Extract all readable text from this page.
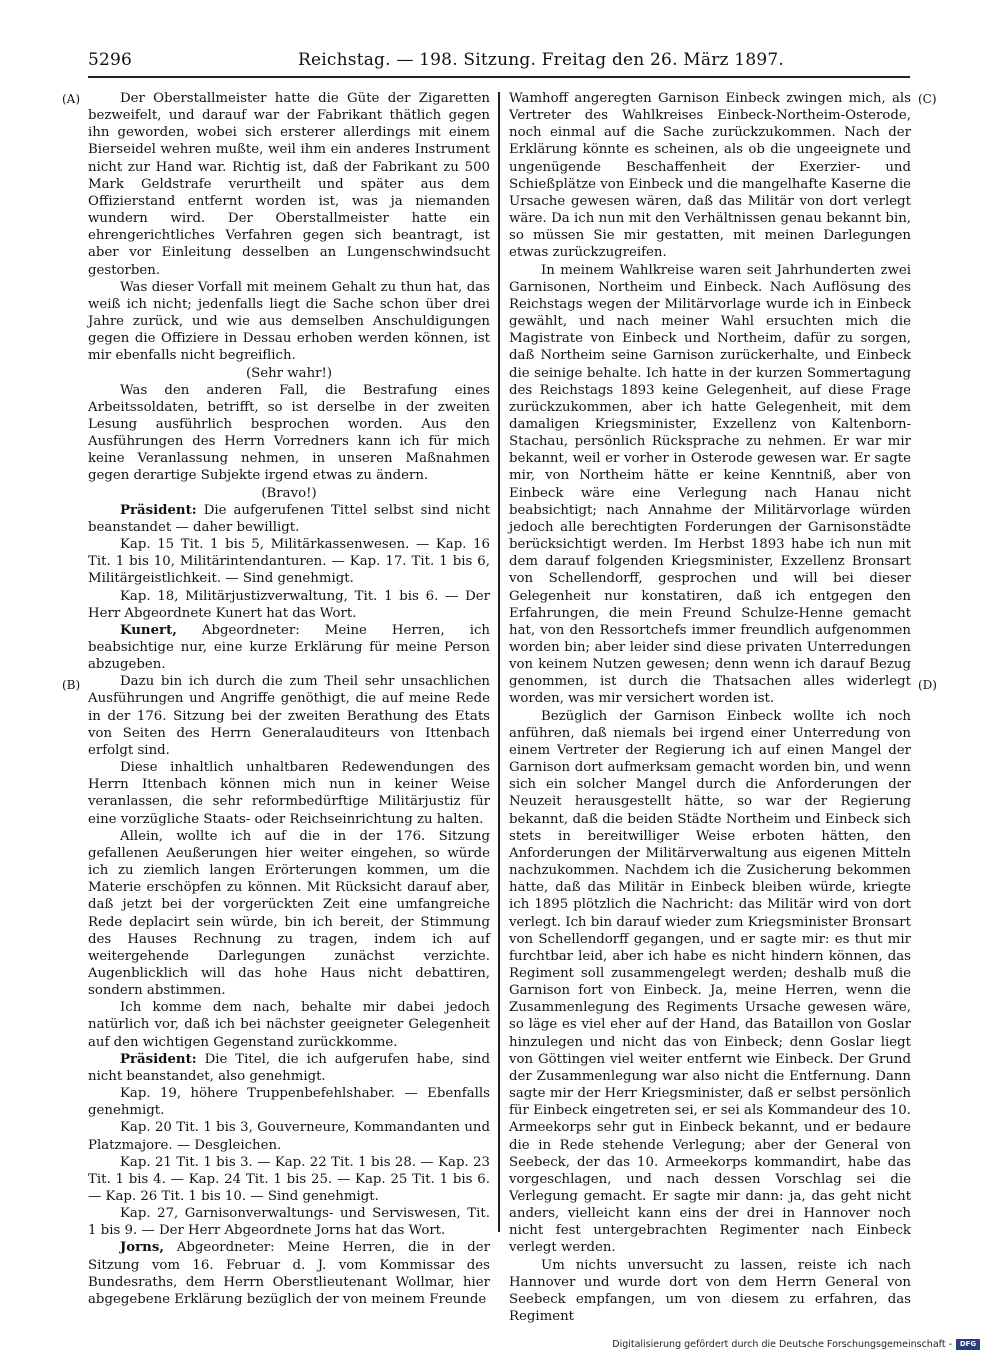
5296	Reichstag. — 198. Sitzung. Freitag den 26. März 1897.
(A)
(B)
(C)
(D)

Der Oberstallmeister hatte die Güte der Zigaretten bezweifelt, und darauf war der Fabrikant thätlich gegen ihn geworden, wobei sich ersterer allerdings mit einem Bierseidel wehren mußte, weil ihm ein anderes Instrument nicht zur Hand war. Richtig ist, daß der Fabrikant zu 500 Mark Geldstrafe verurtheilt und später aus dem Offizierstand entfernt worden ist, was ja niemanden wundern wird. Der Oberstallmeister hatte ein ehrengerichtliches Verfahren gegen sich beantragt, ist aber vor Einleitung desselben an Lungenschwindsucht gestorben.

Was dieser Vorfall mit meinem Gehalt zu thun hat, das weiß ich nicht; jedenfalls liegt die Sache schon über drei Jahre zurück, und wie aus demselben Anschuldigungen gegen die Offiziere in Dessau erhoben werden können, ist mir ebenfalls nicht begreiflich.

(Sehr wahr!)

Was den anderen Fall, die Bestrafung eines Arbeitssoldaten, betrifft, so ist derselbe in der zweiten Lesung ausführlich besprochen worden. Aus den Ausführungen des Herrn Vorredners kann ich für mich keine Veranlassung nehmen, in unseren Maßnahmen gegen derartige Subjekte irgend etwas zu ändern.

(Bravo!)

Präsident: Die aufgerufenen Tittel selbst sind nicht beanstandet — daher bewilligt.

Kap. 15 Tit. 1 bis 5, Militärkassenwesen. — Kap. 16 Tit. 1 bis 10, Militärintendanturen. — Kap. 17. Tit. 1 bis 6, Militärgeistlichkeit. — Sind genehmigt.

Kap. 18, Militärjustizverwaltung, Tit. 1 bis 6. — Der Herr Abgeordnete Kunert hat das Wort.

Kunert, Abgeordneter: Meine Herren, ich beabsichtige nur, eine kurze Erklärung für meine Person abzugeben.

Dazu bin ich durch die zum Theil sehr unsachlichen Ausführungen und Angriffe genöthigt, die auf meine Rede in der 176. Sitzung bei der zweiten Berathung des Etats von Seiten des Herrn Generalauditeurs von Ittenbach erfolgt sind.

Diese inhaltlich unhaltbaren Redewendungen des Herrn Ittenbach können mich nun in keiner Weise veranlassen, die sehr reformbedürftige Militärjustiz für eine vorzügliche Staats- oder Reichseinrichtung zu halten.

Allein, wollte ich auf die in der 176. Sitzung gefallenen Aeußerungen hier weiter eingehen, so würde ich zu ziemlich langen Erörterungen kommen, um die Materie erschöpfen zu können. Mit Rücksicht darauf aber, daß jetzt bei der vorgerückten Zeit eine umfangreiche Rede deplacirt sein würde, bin ich bereit, der Stimmung des Hauses Rechnung zu tragen, indem ich auf weitergehende Darlegungen zunächst verzichte. Augenblicklich will das hohe Haus nicht debattiren, sondern abstimmen.

Ich komme dem nach, behalte mir dabei jedoch natürlich vor, daß ich bei nächster geeigneter Gelegenheit auf den wichtigen Gegenstand zurückkomme.

Präsident: Die Titel, die ich aufgerufen habe, sind nicht beanstandet, also genehmigt.

Kap. 19, höhere Truppenbefehlshaber. — Ebenfalls genehmigt.

Kap. 20 Tit. 1 bis 3, Gouverneure, Kommandanten und Platzmajore. — Desgleichen.

Kap. 21 Tit. 1 bis 3. — Kap. 22 Tit. 1 bis 28. — Kap. 23 Tit. 1 bis 4. — Kap. 24 Tit. 1 bis 25. — Kap. 25 Tit. 1 bis 6. — Kap. 26 Tit. 1 bis 10. — Sind genehmigt.

Kap. 27, Garnisonverwaltungs- und Serviswesen, Tit. 1 bis 9. — Der Herr Abgeordnete Jorns hat das Wort.

Jorns, Abgeordneter: Meine Herren, die in der Sitzung vom 16. Februar d. J. vom Kommissar des Bundesraths, dem Herrn Oberstlieutenant Wollmar, hier abgegebene Erklärung bezüglich der von meinem Freunde

Wamhoff angeregten Garnison Einbeck zwingen mich, als Vertreter des Wahlkreises Einbeck-Northeim-Osterode, noch einmal auf die Sache zurückzukommen. Nach der Erklärung könnte es scheinen, als ob die ungeeignete und ungenügende Beschaffenheit der Exerzier- und Schießplätze von Einbeck und die mangelhafte Kaserne die Ursache gewesen wären, daß das Militär von dort verlegt wäre. Da ich nun mit den Verhältnissen genau bekannt bin, so müssen Sie mir gestatten, mit meinen Darlegungen etwas zurückzugreifen.

In meinem Wahlkreise waren seit Jahrhunderten zwei Garnisonen, Northeim und Einbeck. Nach Auflösung des Reichstags wegen der Militärvorlage wurde ich in Einbeck gewählt, und nach meiner Wahl ersuchten mich die Magistrate von Einbeck und Northeim, dafür zu sorgen, daß Northeim seine Garnison zurückerhalte, und Einbeck die seinige behalte. Ich hatte in der kurzen Sommertagung des Reichstags 1893 keine Gelegenheit, auf diese Frage zurückzukommen, aber ich hatte Gelegenheit, mit dem damaligen Kriegsminister, Exzellenz von Kaltenborn-Stachau, persönlich Rücksprache zu nehmen. Er war mir bekannt, weil er vorher in Osterode gewesen war. Er sagte mir, von Northeim hätte er keine Kenntniß, aber von Einbeck wäre eine Verlegung nach Hanau nicht beabsichtigt; nach Annahme der Militärvorlage würden jedoch alle berechtigten Forderungen der Garnisonstädte berücksichtigt werden. Im Herbst 1893 habe ich nun mit dem darauf folgenden Kriegsminister, Exzellenz Bronsart von Schellendorff, gesprochen und will bei dieser Gelegenheit nur konstatiren, daß ich entgegen den Erfahrungen, die mein Freund Schulze-Henne gemacht hat, von den Ressortchefs immer freundlich aufgenommen worden bin; aber leider sind diese privaten Unterredungen von keinem Nutzen gewesen; denn wenn ich darauf Bezug genommen, ist durch die Thatsachen alles widerlegt worden, was mir versichert worden ist.

Bezüglich der Garnison Einbeck wollte ich noch anführen, daß niemals bei irgend einer Unterredung von einem Vertreter der Regierung ich auf einen Mangel der Garnison dort aufmerksam gemacht worden bin, und wenn sich ein solcher Mangel durch die Anforderungen der Neuzeit herausgestellt hätte, so war der Regierung bekannt, daß die beiden Städte Northeim und Einbeck sich stets in bereitwilliger Weise erboten hätten, den Anforderungen der Militärverwaltung aus eigenen Mitteln nachzukommen. Nachdem ich die Zusicherung bekommen hatte, daß das Militär in Einbeck bleiben würde, kriegte ich 1895 plötzlich die Nachricht: das Militär wird von dort verlegt. Ich bin darauf wieder zum Kriegsminister Bronsart von Schellendorff gegangen, und er sagte mir: es thut mir furchtbar leid, aber ich habe es nicht hindern können, das Regiment soll zusammengelegt werden; deshalb muß die Garnison fort von Einbeck. Ja, meine Herren, wenn die Zusammenlegung des Regiments Ursache gewesen wäre, so läge es viel eher auf der Hand, das Bataillon von Goslar hinzulegen und nicht das von Einbeck; denn Goslar liegt von Göttingen viel weiter entfernt wie Einbeck. Der Grund der Zusammenlegung war also nicht die Entfernung. Dann sagte mir der Herr Kriegsminister, daß er selbst persönlich für Einbeck eingetreten sei, er sei als Kommandeur des 10. Armeekorps sehr gut in Einbeck bekannt, und er bedaure die in Rede stehende Verlegung; aber der General von Seebeck, der das 10. Armeekorps kommandirt, habe das vorgeschlagen, und nach dessen Vorschlag sei die Verlegung gemacht. Er sagte mir dann: ja, das geht nicht anders, vielleicht kann eins der drei in Hannover noch nicht fest untergebrachten Regimenter nach Einbeck verlegt werden.

Um nichts unversucht zu lassen, reiste ich nach Hannover und wurde dort von dem Herrn General von Seebeck empfangen, um von diesem zu erfahren, das Regiment

Digitalisierung gefördert durch die Deutsche Forschungsgemeinschaft -	DFG
